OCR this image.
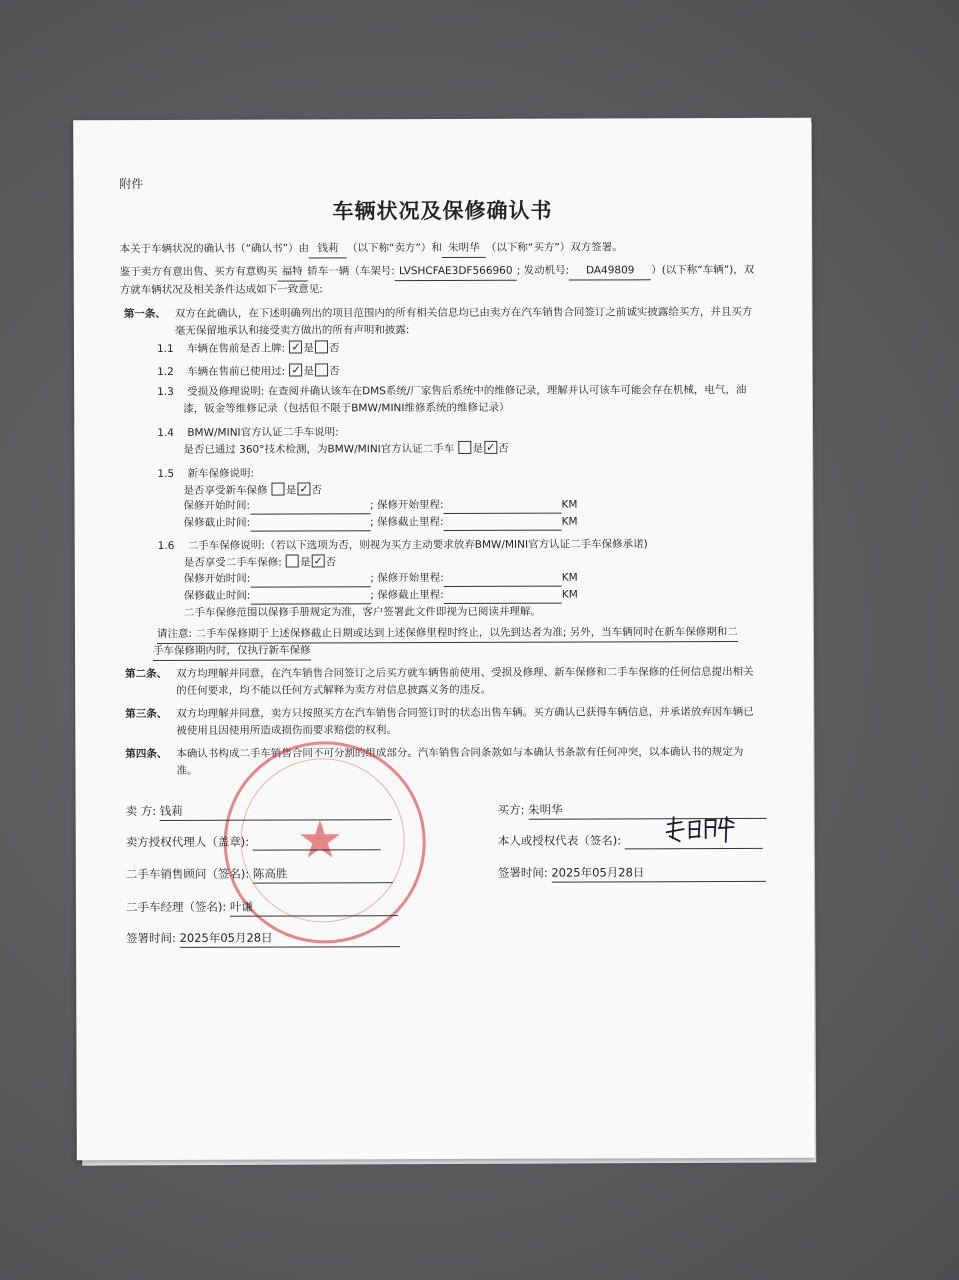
附件
车辆状况及保修确认书
本关于车辆状况的确认书（“确认书”）由 钱莉 （以下称“卖方”）和 朱明华 （以下称“买方”）双方签署。
鉴于卖方有意出售、买方有意购买 福特 轿车一辆（车架号: LVSHCFAE3DF566960 ; 发动机号: DA49809 ）(以下称“车辆”)，双
方就车辆状况及相关条件达成如下一致意见:
第一条、 双方在此确认，在下述明确列出的项目范围内的所有相关信息均已由卖方在汽车销售合同签订之前诚实披露给买方，并且买方
毫无保留地承认和接受卖方做出的所有声明和披露:
1.1 车辆在售前是否上牌: ✓ 是 否
1.2 车辆在售前已使用过: ✓ 是 否
1.3 受损及修理说明: 在查阅并确认该车在DMS系统/厂家售后系统中的维修记录，理解并认可该车可能会存在机械，电气，油
漆，钣金等维修记录（包括但不限于BMW/MINI维修系统的维修记录）
1.4 BMW/MINI官方认证二手车说明:
是否已通过 360°技术检测，为BMW/MINI官方认证二手车 是 ✓ 否
1.5 新车保修说明:
是否享受新车保修 是 ✓ 否
保修开始时间:	; 保修开始里程:	KM
保修截止时间:	; 保修截止里程:	KM
1.6 二手车保修说明:（若以下选项为否，则视为买方主动要求放弃BMW/MINI官方认证二手车保修承诺)
是否享受二手车保修: 是 ✓ 否
保修开始时间:	; 保修开始里程:	KM
保修截止时间:	; 保修截止里程:	KM
二手车保修范围以保修手册规定为准，客户签署此文件即视为已阅读并理解。
请注意: 二手车保修期于上述保修截止日期或达到上述保修里程时终止，以先到达者为准; 另外，当车辆同时在新车保修期和二
手车保修期内时，仅执行新车保修
第二条、 双方均理解并同意，在汽车销售合同签订之后买方就车辆售前使用、受损及修理、新车保修和二手车保修的任何信息提出相关
的任何要求，均不能以任何方式解释为卖方对信息披露义务的违反。
第三条、 双方均理解并同意，卖方只按照买方在汽车销售合同签订时的状态出售车辆。买方确认已获得车辆信息，并承诺放弃因车辆已
被使用且因使用所造成损伤而要求赔偿的权利。
第四条、 本确认书构成二手车销售合同不可分割的组成部分。汽车销售合同条款如与本确认书条款有任何冲突，以本确认书的规定为
准。
★
卖 方: 钱莉
卖方授权代理人（盖章):
二手车销售顾问（签名): 陈高胜
二手车经理（签名): 叶谦
签署时间: 2025年05月28日
买方: 朱明华
本人或授权代表（签名):
签署时间: 2025年05月28日
